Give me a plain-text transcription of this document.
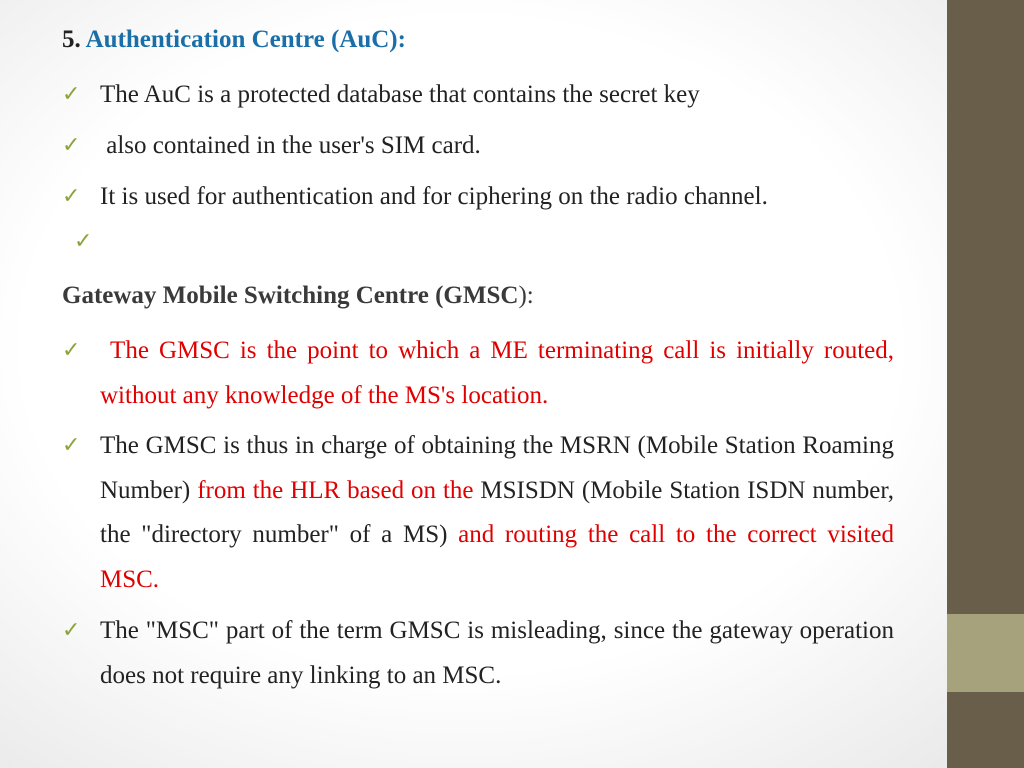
5. Authentication Centre (AuC):
✓ The AuC is a protected database that contains the secret key
✓ also contained in the user's SIM card.
✓ It is used for authentication and for ciphering on the radio channel.
✓
Gateway Mobile Switching Centre (GMSC):
✓ The GMSC is the point to which a ME terminating call is initially routed, without any knowledge of the MS's location.
✓ The GMSC is thus in charge of obtaining the MSRN (Mobile Station Roaming Number) from the HLR based on the MSISDN (Mobile Station ISDN number, the "directory number" of a MS) and routing the call to the correct visited MSC.
✓ The "MSC" part of the term GMSC is misleading, since the gateway operation does not require any linking to an MSC.
